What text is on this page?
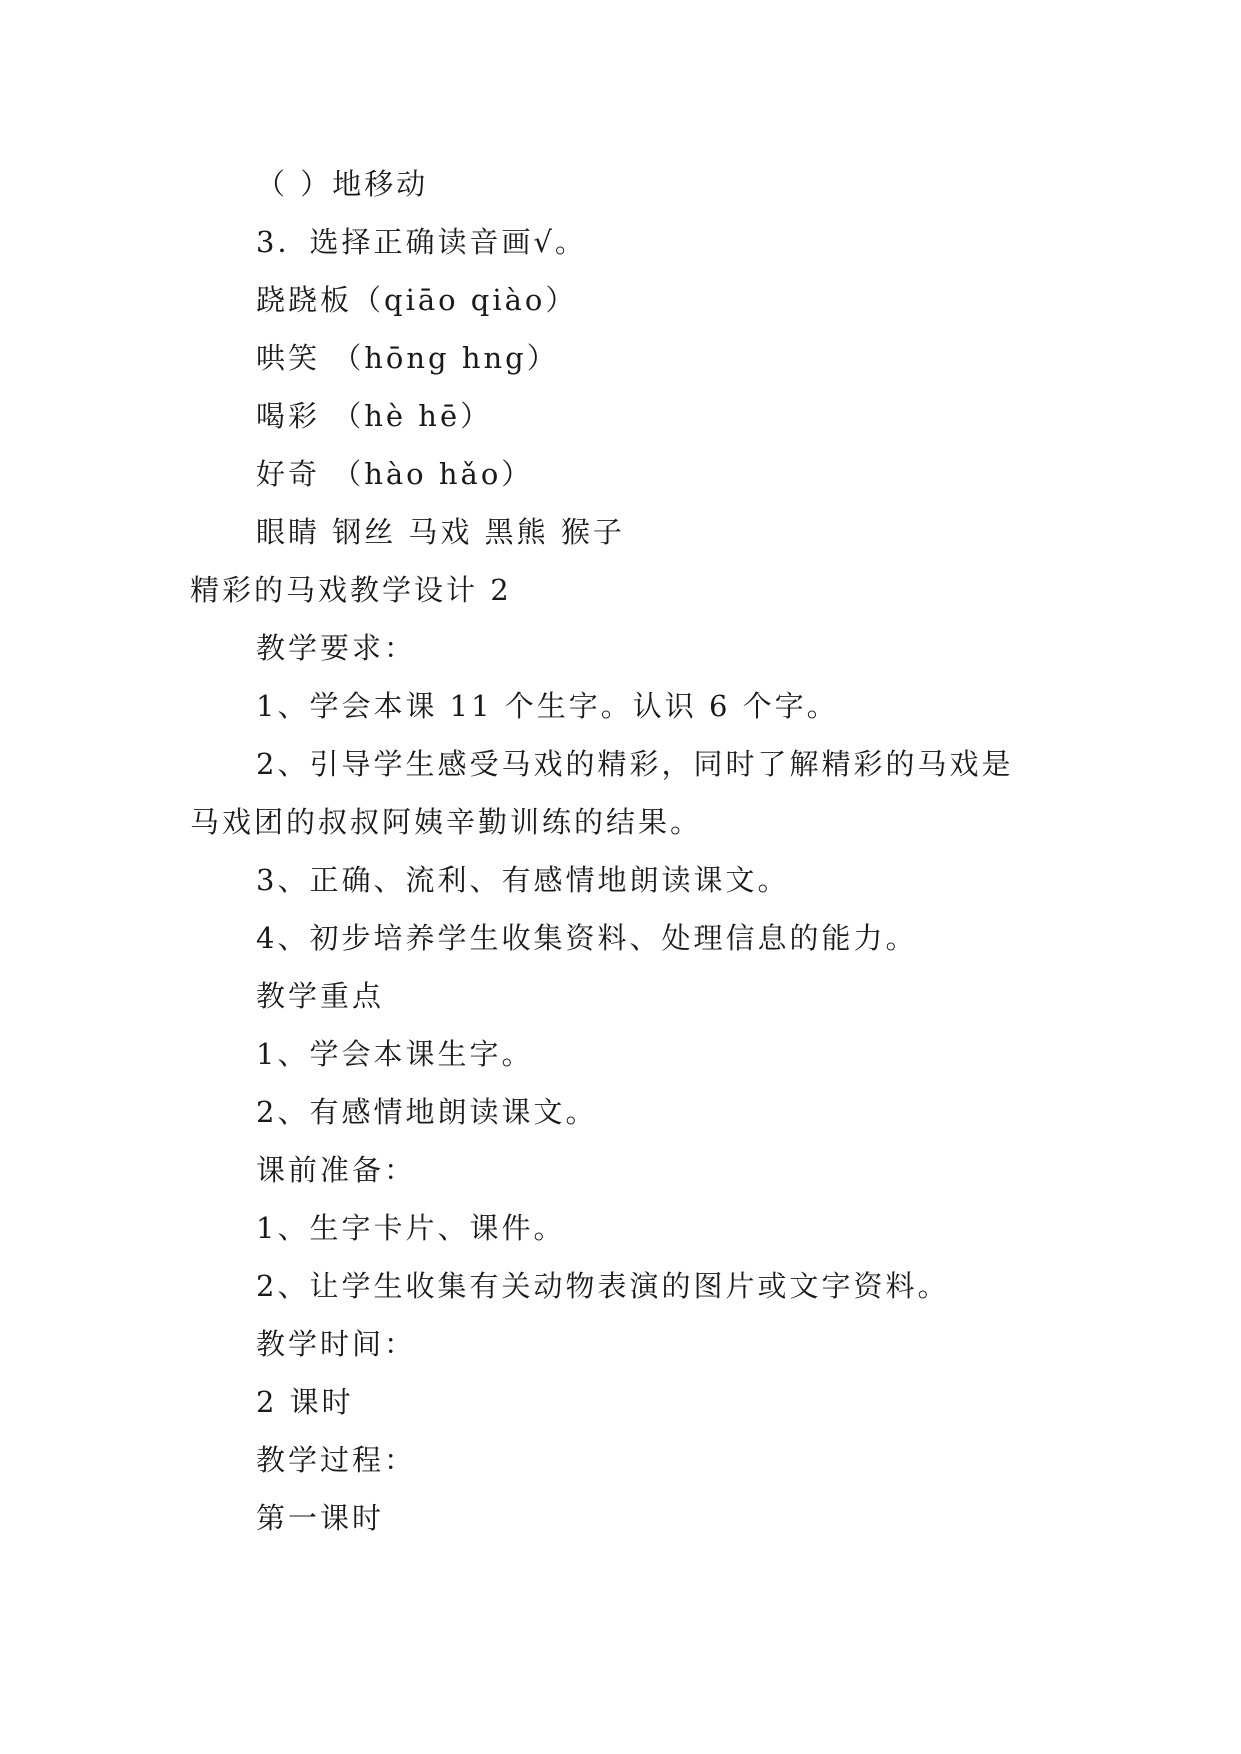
（ ）地移动
3．选择正确读音画√。
跷跷板（qiāo qiào）
哄笑 （hōng hng）
喝彩 （hè hē）
好奇 （hào hǎo）
眼睛 钢丝 马戏 黑熊 猴子
精彩的马戏教学设计 2
教学要求：
1、学会本课 11 个生字。认识 6 个字。
2、引导学生感受马戏的精彩，同时了解精彩的马戏是
马戏团的叔叔阿姨辛勤训练的结果。
3、正确、流利、有感情地朗读课文。
4、初步培养学生收集资料、处理信息的能力。
教学重点
1、学会本课生字。
2、有感情地朗读课文。
课前准备：
1、生字卡片、课件。
2、让学生收集有关动物表演的图片或文字资料。
教学时间：
2 课时
教学过程：
第一课时
